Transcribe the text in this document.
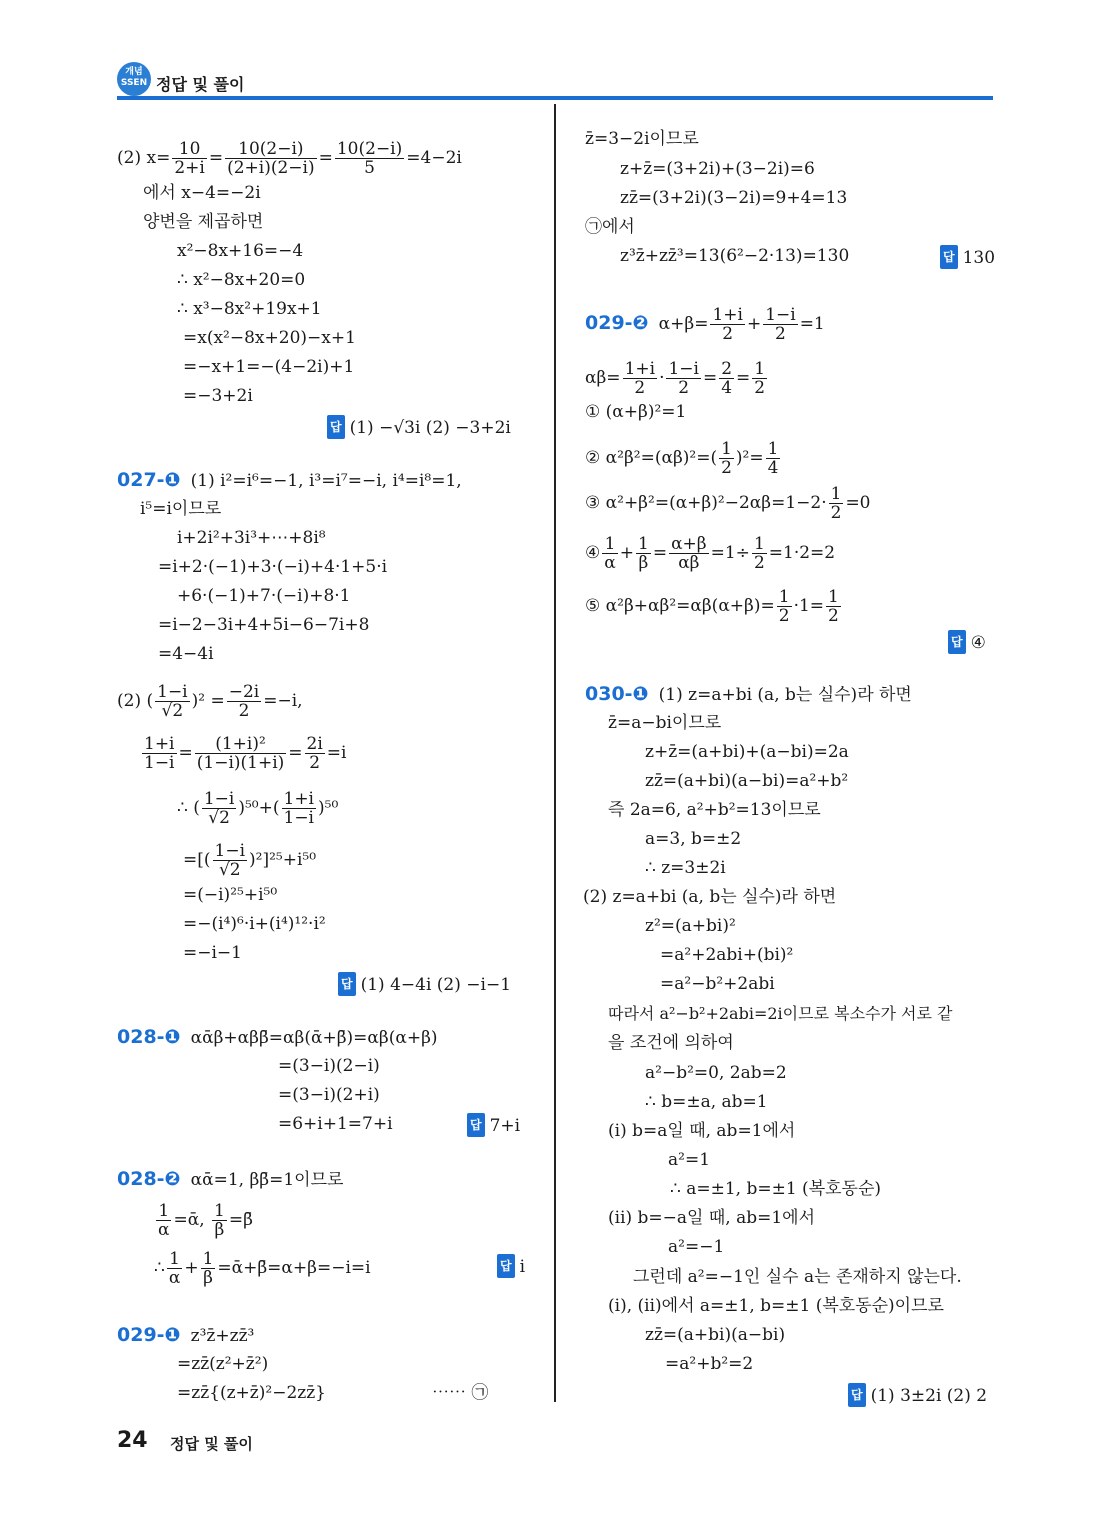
개념SSEN 정답 및 풀이
(2) $x= \frac{10}{2+i} = \frac{10(2-i)}{(2+i)(2-i)} = \frac{10(2-i)}{5} =4-2i$
에서 x−4=−2i
양변을 제곱하면
x²−8x+16=−4
∴ x²−8x+20=0
∴ x³−8x²+19x+1
=x(x²−8x+20)−x+1
=−x+1=−(4−2i)+1
=−3+2i
답 (1) −√3i (2) −3+2i
027-❶ (1) i²=i⁶=−1, i³=i⁷=−i, i⁴=i⁸=1,
i⁵=i이므로
i+2i²+3i³+⋯+8i⁸
=i+2·(−1)+3·(−i)+4·1+5·i
+6·(−1)+7·(−i)+8·1
=i−2−3i+4+5i−6−7i+8
=4−4i
(2) ( $\frac{1-i}{√2} )^2 = \frac{-2i}{2} =-i$,
$\frac{1+i}{1-i} = \frac{\text{(1+i)²}}{(1-i)(1+i)} = \frac{2i}{2} =i$
∴ ( $\frac{1-i}{√2} )^{50}+( \frac{1+i}{1-i} )^{50}$
=[( $\frac{1-i}{√2} )^2]^{25}+i^{50}$
=(−i)²⁵+i⁵⁰
=−(i⁴)⁶·i+(i⁴)¹²·i²
=−i−1
답 (1) 4−4i (2) −i−1
028-❶ αᾱβ+αββ̄=αβ(ᾱ+β̄)=αβ(α+β)
=(3−i)(2−i)
=(3−i)(2+i)
=6+i+1=7+i	답 7+i
028-❷ αᾱ=1, ββ̄=1이므로
$\frac{1}{\alpha}$ =ᾱ, $\frac{1}{\beta}$ =β̄
∴ $\frac{1}{\alpha} + \frac{1}{\beta}$ =ᾱ+β̄=α+β=−i=i	답 i
029-❶ z³z̄+zz̄³
=zz̄(z²+z̄²)
=zz̄{(z+z̄)²−2zz̄}	⋯⋯ ㉠
z̄=3−2i이므로
z+z̄=(3+2i)+(3−2i)=6
zz̄=(3+2i)(3−2i)=9+4=13
㉠에서
z³z̄+zz̄³=13(6²−2·13)=130	답 130
029-❷ $\alpha+\beta= \frac{1+i}{2} + \frac{1-i}{2} =1$
$\alpha\beta= \frac{1+i}{2} \cdot \frac{1-i}{2} = \frac{2}{4} = \frac{1}{2}$
① (α+β)²=1
② $\alpha^2\beta^2=(\alpha\beta)^2=( \frac{1}{2} )^2= \frac{1}{4}$
③ $\alpha^2+\beta^2=(\alpha+\beta)^2-2\alpha\beta=1-2\cdot \frac{1}{2} =0$
④ $\frac{1}{\alpha} + \frac{1}{\beta} = \frac{\alpha+\beta}{\alpha\beta} =1\div \frac{1}{2} =1\cdot 2=2$
⑤ $\alpha^2\beta+\alpha\beta^2=\alpha\beta(\alpha+\beta)= \frac{1}{2} \cdot 1= \frac{1}{2}$
답 ④
030-❶ (1) z=a+bi (a, b는 실수)라 하면
z̄=a−bi이므로
z+z̄=(a+bi)+(a−bi)=2a
zz̄=(a+bi)(a−bi)=a²+b²
즉 2a=6, a²+b²=13이므로
a=3, b=±2
∴ z=3±2i
(2) z=a+bi (a, b는 실수)라 하면
z²=(a+bi)²
=a²+2abi+(bi)²
=a²−b²+2abi
따라서 a²−b²+2abi=2i이므로 복소수가 서로 같
을 조건에 의하여
a²−b²=0, 2ab=2
∴ b=±a, ab=1
(ⅰ) b=a일 때, ab=1에서
a²=1
∴ a=±1, b=±1 (복호동순)
(ⅱ) b=−a일 때, ab=1에서
a²=−1
그런데 a²=−1인 실수 a는 존재하지 않는다.
(ⅰ), (ⅱ)에서 a=±1, b=±1 (복호동순)이므로
zz̄=(a+bi)(a−bi)
=a²+b²=2
답 (1) 3±2i (2) 2
24 정답 및 풀이
